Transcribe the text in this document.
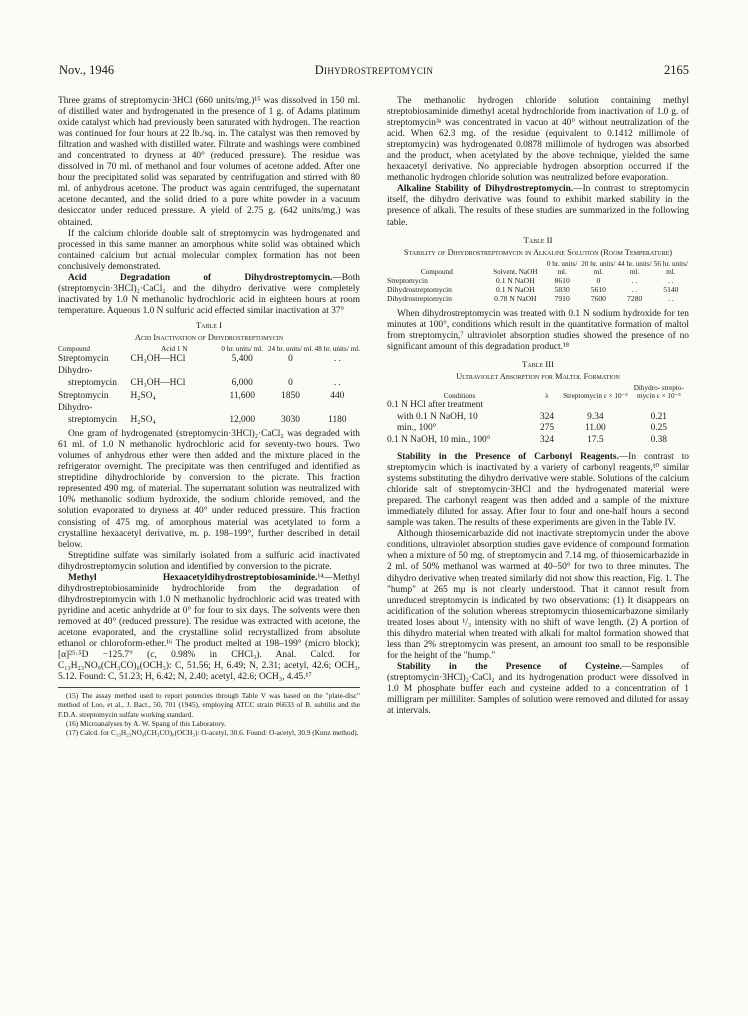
Nov., 1946	Dihydrostreptomycin	2165

Three grams of streptomycin·3HCl (660 units/mg.)¹⁵ was dissolved in 150 ml. of distilled water and hydrogenated in the presence of 1 g. of Adams platinum oxide catalyst which had previously been saturated with hydrogen. The reaction was continued for four hours at 22 lb./sq. in. The catalyst was then removed by filtration and washed with distilled water. Filtrate and washings were combined and concentrated to dryness at 40° (reduced pressure). The residue was dissolved in 70 ml. of methanol and four volumes of acetone added. After one hour the precipitated solid was separated by centrifugation and stirred with 80 ml. of anhydrous acetone. The product was again centrifuged, the supernatant acetone decanted, and the solid dried to a pure white powder in a vacuum desiccator under reduced pressure. A yield of 2.75 g. (642 units/mg.) was obtained.

If the calcium chloride double salt of streptomycin was hydrogenated and processed in this same manner an amorphous white solid was obtained which contained calcium but actual molecular complex formation has not been conclusively demonstrated.

Acid Degradation of Dihydrostreptomycin.—Both (streptomycin·3HCl)₂·CaCl₂ and the dihydro derivative were completely inactivated by 1.0 N methanolic hydrochloric acid in eighteen hours at room temperature. Aqueous 1.0 N sulfuric acid effected similar inactivation at 37°

Table I
Acid Inactivation of Dihydrostreptomycin
Compound	Acid 1 N	0 hr. units/ ml.	24 hr. units/ ml.	48 hr. units/ ml.
Streptomycin	CH₃OH—HCl	5,400	0	. .
Dihydro-				
streptomycin	CH₃OH—HCl	6,000	0	. .
Streptomycin	H₂SO₄	11,600	1850	440
Dihydro-				
streptomycin	H₂SO₄	12,000	3030	1180

One gram of hydrogenated (streptomycin·3HCl)₂·CaCl₂ was degraded with 61 ml. of 1.0 N methanolic hydrochloric acid for seventy-two hours. Two volumes of anhydrous ether were then added and the mixture placed in the refrigerator overnight. The precipitate was then centrifuged and identified as streptidine dihydrochloride by conversion to the picrate. This fraction represented 490 mg. of material. The supernatant solution was neutralized with 10% methanolic sodium hydroxide, the sodium chloride removed, and the solution evaporated to dryness at 40° under reduced pressure. This fraction consisting of 475 mg. of amorphous material was acetylated to form a crystalline hexaacetyl derivative, m. p. 198–199°, further described in detail below.

Streptidine sulfate was similarly isolated from a sulfuric acid inactivated dihydrostreptomycin solution and identified by conversion to the picrate.

Methyl Hexaacetyldihydrostreptobiosaminide.¹⁴—Methyl dihydrostreptobiosaminide hydrochloride from the degradation of dihydrostreptomycin with 1.0 N methanolic hydrochloric acid was treated with pyridine and acetic anhydride at 0° for four to six days. The solvents were then removed at 40° (reduced pressure). The residue was extracted with acetone, the acetone evaporated, and the crystalline solid recrystallized from absolute ethanol or chloroform-ether.¹⁶ The product melted at 198–199° (micro block); [α]²⁵·⁵D −125.7° (c, 0.98% in CHCl₃). Anal. Calcd. for C₁₃H₂₃NO₉(CH₃CO)₆(OCH₃): C, 51.56; H, 6.49; N, 2.31; acetyl, 42.6; OCH₃, 5.12. Found: C, 51.23; H, 6.42; N, 2.40; acetyl, 42.6; OCH₃, 4.45.¹⁷

(15) The assay method used to report potencies through Table V was based on the "plate-disc" method of Loo, et al., J. Bact., 50, 701 (1945), employing ATCC strain #6633 of B. subtilis and the F.D.A. streptomycin sulfate working standard.

(16) Microanalyses by A. W. Spang of this Laboratory.

(17) Calcd. for C₁₃H₂₃NO₉(CH₃CO)₆(OCH₃): O-acetyl, 30.6. Found: O-acetyl, 30.9 (Kunz method).

The methanolic hydrogen chloride solution containing methyl streptobiosaminide dimethyl acetal hydrochloride from inactivation of 1.0 g. of streptomycin³ᵃ was concentrated in vacuo at 40° without neutralization of the acid. When 62.3 mg. of the residue (equivalent to 0.1412 millimole of streptomycin) was hydrogenated 0.0878 millimole of hydrogen was absorbed and the product, when acetylated by the above technique, yielded the same hexaacetyl derivative. No appreciable hydrogen absorption occurred if the methanolic hydrogen chloride solution was neutralized before evaporation.

Alkaline Stability of Dihydrostreptomycin.—In contrast to streptomycin itself, the dihydro derivative was found to exhibit marked stability in the presence of alkali. The results of these studies are summarized in the following table.

Table II
Stability of Dihydrostreptomycin in Alkaline Solution (Room Temperature)
Compound	Solvent, NaOH	0 hr. units/ ml.	20 hr. units/ ml.	44 hr. units/ ml.	56 hr. units/ ml.
Streptomycin	0.1 N NaOH	8610	0	. .	. .
Dihydrostreptomycin	0.1 N NaOH	5830	5610	. .	5140
Dihydrostreptomycin	0.78 N NaOH	7910	7600	7280	. .

When dihydrostreptomycin was treated with 0.1 N sodium hydroxide for ten minutes at 100°, conditions which result in the quantitative formation of maltol from streptomycin,⁷ ultraviolet absorption studies showed the presence of no significant amount of this degradation product.¹⁸

Table III
Ultraviolet Absorption for Maltol Formation
Conditions	λ	Streptomycin ε × 10⁻³	Dihydro- strepto- mycin ε × 10⁻³
0.1 N HCl after treatment			
with 0.1 N NaOH, 10	324	9.34	0.21
min., 100°	275	11.00	0.25
0.1 N NaOH, 10 min., 100°	324	17.5	0.38

Stability in the Presence of Carbonyl Reagents.—In contrast to streptomycin which is inactivated by a variety of carbonyl reagents,¹⁰ similar systems substituting the dihydro derivative were stable. Solutions of the calcium chloride salt of streptomycin·3HCl and the hydrogenated material were prepared. The carbonyl reagent was then added and a sample of the mixture immediately diluted for assay. After four to four and one-half hours a second sample was taken. The results of these experiments are given in the Table IV.

Although thiosemicarbazide did not inactivate streptomycin under the above conditions, ultraviolet absorption studies gave evidence of compound formation when a mixture of 50 mg. of streptomycin and 7.14 mg. of thiosemicarbazide in 2 ml. of 50% methanol was warmed at 40–50° for two to three minutes. The dihydro derivative when treated similarly did not show this reaction, Fig. 1. The "hump" at 265 mμ is not clearly understood. That it cannot result from unreduced streptomycin is indicated by two observations: (1) It disappears on acidification of the solution whereas streptomycin thiosemicarbazone similarly treated loses about ¹/₃ intensity with no shift of wave length. (2) A portion of this dihydro material when treated with alkali for maltol formation showed that less than 2% streptomycin was present, an amount too small to be responsible for the height of the "hump."

Stability in the Presence of Cysteine.—Samples of (streptomycin·3HCl)₂·CaCl₂ and its hydrogenation product were dissolved in 1.0 M phosphate buffer each and cysteine added to a concentration of 1 milligram per milliliter. Samples of solution were removed and diluted for assay at intervals.
